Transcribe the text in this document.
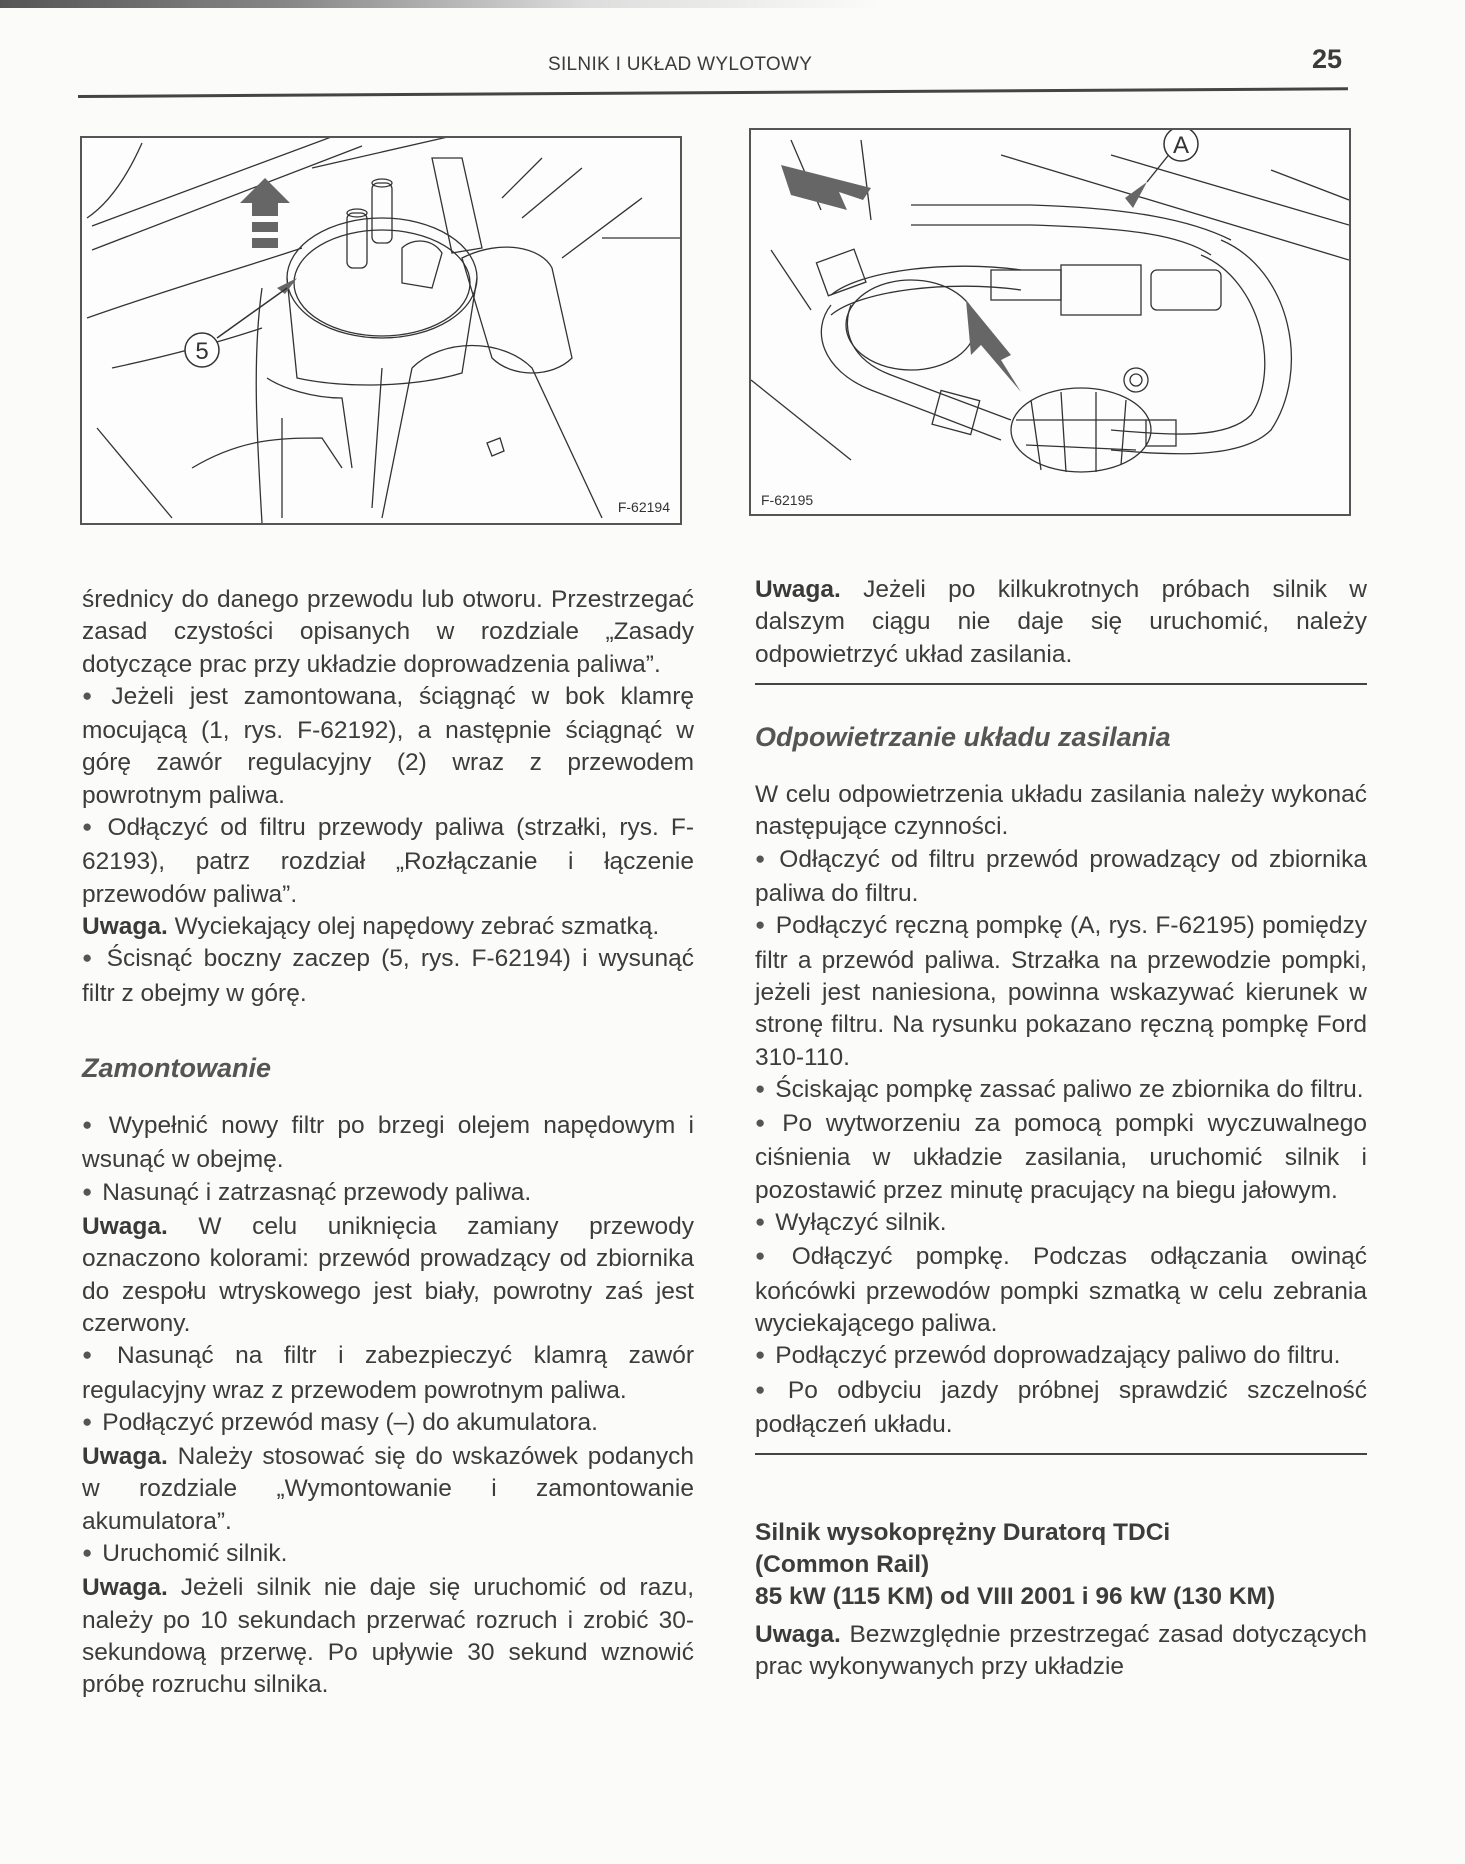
SILNIK I UKŁAD WYLOTOWY	25
5
F-62194
A
F-62195

średnicy do danego przewodu lub otworu. Przestrzegać zasad czystości opisanych w rozdziale „Zasady dotyczące prac przy układzie doprowadzenia paliwa”.

● Jeżeli jest zamontowana, ściągnąć w bok klamrę mocującą (1, rys. F-62192), a następnie ściągnąć w górę zawór regulacyjny (2) wraz z przewodem powrotnym paliwa.

● Odłączyć od filtru przewody paliwa (strzałki, rys. F-62193), patrz rozdział „Rozłączanie i łączenie przewodów paliwa”.

Uwaga. Wyciekający olej napędowy zebrać szmatką.

● Ścisnąć boczny zaczep (5, rys. F-62194) i wysunąć filtr z obejmy w górę.

Zamontowanie

● Wypełnić nowy filtr po brzegi olejem napędowym i wsunąć w obejmę.

● Nasunąć i zatrzasnąć przewody paliwa.

Uwaga. W celu uniknięcia zamiany przewody oznaczono kolorami: przewód prowadzący od zbiornika do zespołu wtryskowego jest biały, powrotny zaś jest czerwony.

● Nasunąć na filtr i zabezpieczyć klamrą zawór regulacyjny wraz z przewodem powrotnym paliwa.

● Podłączyć przewód masy (–) do akumulatora.

Uwaga. Należy stosować się do wskazówek podanych w rozdziale „Wymontowanie i zamontowanie akumulatora”.

● Uruchomić silnik.

Uwaga. Jeżeli silnik nie daje się uruchomić od razu, należy po 10 sekundach przerwać rozruch i zrobić 30-sekundową przerwę. Po upływie 30 sekund wznowić próbę rozruchu silnika.

Uwaga. Jeżeli po kilkukrotnych próbach silnik w dalszym ciągu nie daje się uruchomić, należy odpowietrzyć układ zasilania.

Odpowietrzanie układu zasilania

W celu odpowietrzenia układu zasilania należy wykonać następujące czynności.

● Odłączyć od filtru przewód prowadzący od zbiornika paliwa do filtru.

● Podłączyć ręczną pompkę (A, rys. F-62195) pomiędzy filtr a przewód paliwa. Strzałka na przewodzie pompki, jeżeli jest naniesiona, powinna wskazywać kierunek w stronę filtru. Na rysunku pokazano ręczną pompkę Ford 310-110.

● Ściskając pompkę zassać paliwo ze zbiornika do filtru.

● Po wytworzeniu za pomocą pompki wyczuwalnego ciśnienia w układzie zasilania, uruchomić silnik i pozostawić przez minutę pracujący na biegu jałowym.

● Wyłączyć silnik.

● Odłączyć pompkę. Podczas odłączania owinąć końcówki przewodów pompki szmatką w celu zebrania wyciekającego paliwa.

● Podłączyć przewód doprowadzający paliwo do filtru.

● Po odbyciu jazdy próbnej sprawdzić szczelność podłączeń układu.

Silnik wysokoprężny Duratorq TDCi
(Common Rail)
85 kW (115 KM) od VIII 2001 i 96 kW (130 KM)

Uwaga. Bezwzględnie przestrzegać zasad dotyczących prac wykonywanych przy układzie
